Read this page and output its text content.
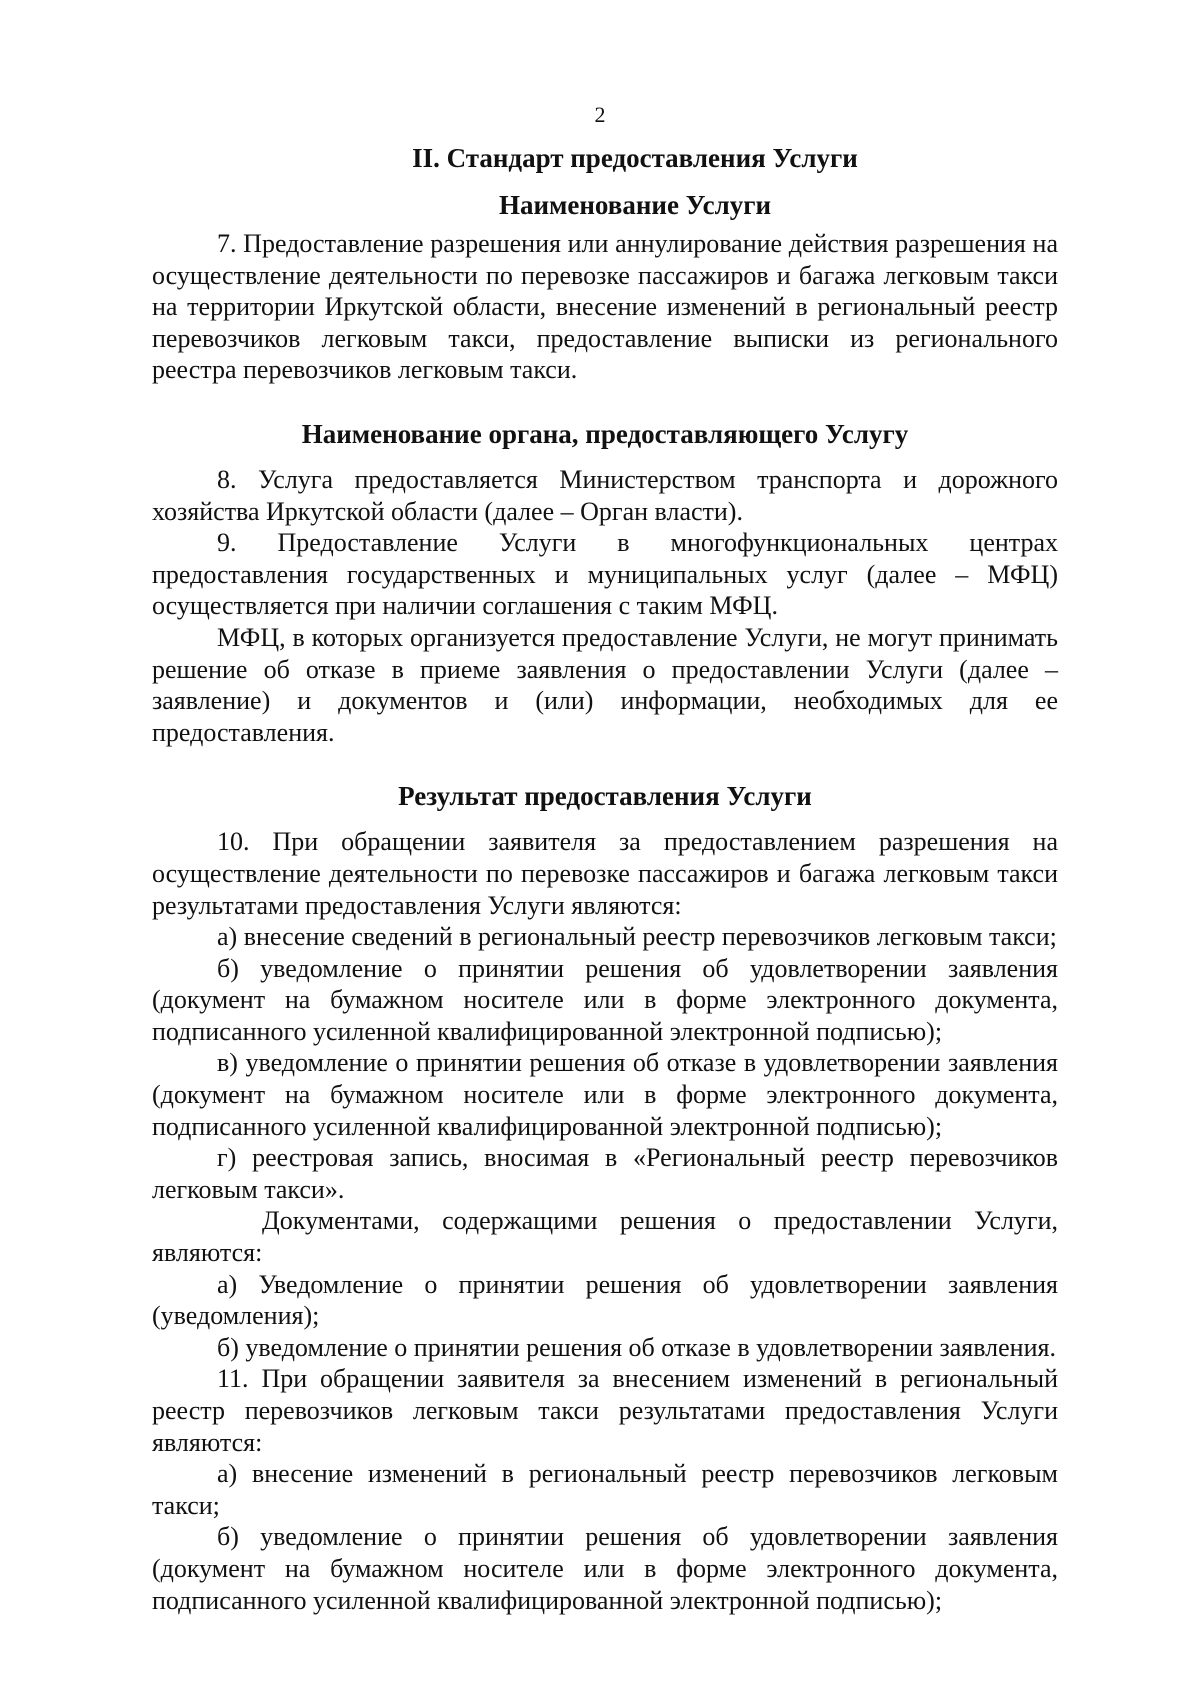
2
II. Стандарт предоставления Услуги
Наименование Услуги

7. Предоставление разрешения или аннулирование действия разрешения на осуществление деятельности по перевозке пассажиров и багажа легковым такси на территории Иркутской области, внесение изменений в региональный реестр перевозчиков легковым такси, предоставление выписки из регионального реестра перевозчиков легковым такси.

Наименование органа, предоставляющего Услугу

8. Услуга предоставляется Министерством транспорта и дорожного хозяйства Иркутской области (далее – Орган власти).

9. Предоставление Услуги в многофункциональных центрах предоставления государственных и муниципальных услуг (далее – МФЦ) осуществляется при наличии соглашения с таким МФЦ.

МФЦ, в которых организуется предоставление Услуги, не могут принимать решение об отказе в приеме заявления о предоставлении Услуги (далее – заявление) и документов и (или) информации, необходимых для ее предоставления.

Результат предоставления Услуги

10. При обращении заявителя за предоставлением разрешения на осуществление деятельности по перевозке пассажиров и багажа легковым такси результатами предоставления Услуги являются:

а) внесение сведений в региональный реестр перевозчиков легковым такси;

б) уведомление о принятии решения об удовлетворении заявления (документ на бумажном носителе или в форме электронного документа, подписанного усиленной квалифицированной электронной подписью);

в) уведомление о принятии решения об отказе в удовлетворении заявления (документ на бумажном носителе или в форме электронного документа, подписанного усиленной квалифицированной электронной подписью);

г) реестровая запись, вносимая в «Региональный реестр перевозчиков легковым такси».

Документами, содержащими решения о предоставлении Услуги, являются:

а) Уведомление о принятии решения об удовлетворении заявления (уведомления);

б) уведомление о принятии решения об отказе в удовлетворении заявления.

11. При обращении заявителя за внесением изменений в региональный реестр перевозчиков легковым такси результатами предоставления Услуги являются:

а) внесение изменений в региональный реестр перевозчиков легковым такси;

б) уведомление о принятии решения об удовлетворении заявления (документ на бумажном носителе или в форме электронного документа, подписанного усиленной квалифицированной электронной подписью);
